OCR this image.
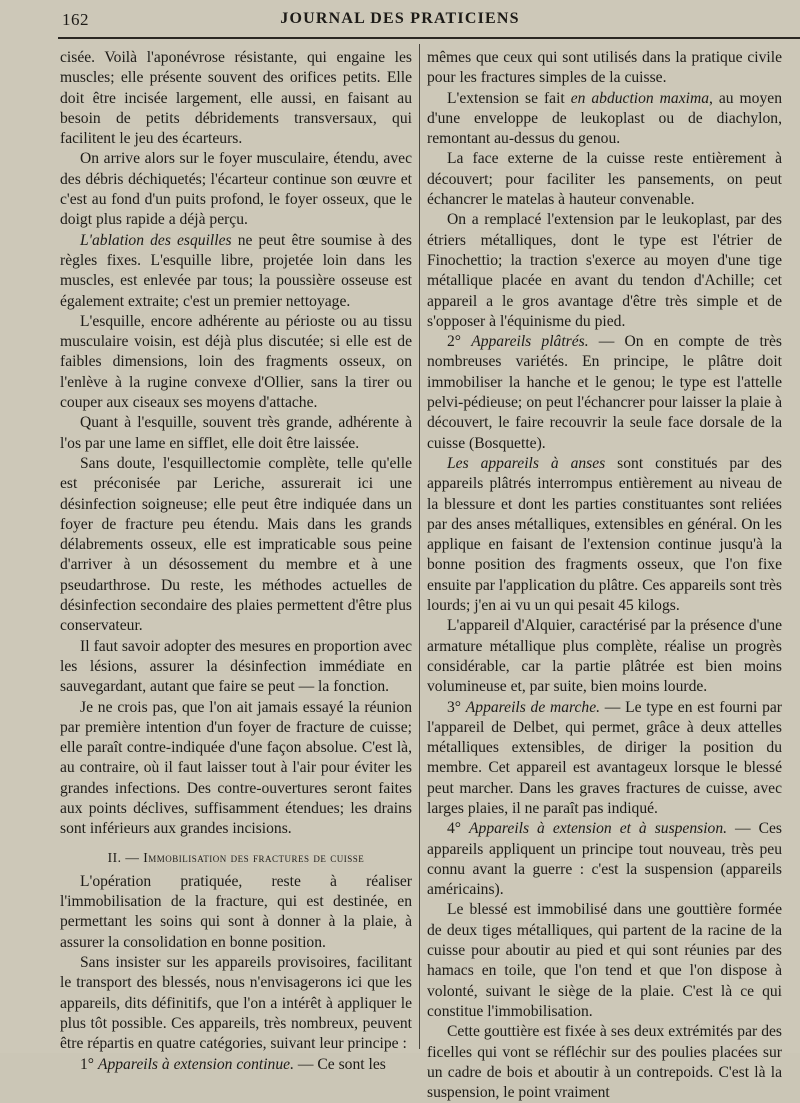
162	JOURNAL DES PRATICIENS

cisée. Voilà l'aponévrose résistante, qui engaine les muscles; elle présente souvent des orifices petits. Elle doit être incisée largement, elle aussi, en faisant au besoin de petits débridements transversaux, qui facilitent le jeu des écarteurs.

On arrive alors sur le foyer musculaire, étendu, avec des débris déchiquetés; l'écarteur continue son œuvre et c'est au fond d'un puits profond, le foyer osseux, que le doigt plus rapide a déjà perçu.

L'ablation des esquilles ne peut être soumise à des règles fixes. L'esquille libre, projetée loin dans les muscles, est enlevée par tous; la poussière osseuse est également extraite; c'est un premier nettoyage.

L'esquille, encore adhérente au périoste ou au tissu musculaire voisin, est déjà plus discutée; si elle est de faibles dimensions, loin des fragments osseux, on l'enlève à la rugine convexe d'Ollier, sans la tirer ou couper aux ciseaux ses moyens d'attache.

Quant à l'esquille, souvent très grande, adhérente à l'os par une lame en sifflet, elle doit être laissée.

Sans doute, l'esquillectomie complète, telle qu'elle est préconisée par Leriche, assurerait ici une désinfection soigneuse; elle peut être indiquée dans un foyer de fracture peu étendu. Mais dans les grands délabrements osseux, elle est impraticable sous peine d'arriver à un désossement du membre et à une pseudarthrose. Du reste, les méthodes actuelles de désinfection secondaire des plaies permettent d'être plus conservateur.

Il faut savoir adopter des mesures en proportion avec les lésions, assurer la désinfection immédiate en sauvegardant, autant que faire se peut — la fonction.

Je ne crois pas, que l'on ait jamais essayé la réunion par première intention d'un foyer de fracture de cuisse; elle paraît contre-indiquée d'une façon absolue. C'est là, au contraire, où il faut laisser tout à l'air pour éviter les grandes infections. Des contre-ouvertures seront faites aux points déclives, suffisamment étendues; les drains sont inférieurs aux grandes incisions.

II. — Immobilisation des fractures de cuisse

L'opération pratiquée, reste à réaliser l'immobilisation de la fracture, qui est destinée, en permettant les soins qui sont à donner à la plaie, à assurer la consolidation en bonne position.

Sans insister sur les appareils provisoires, facilitant le transport des blessés, nous n'envisagerons ici que les appareils, dits définitifs, que l'on a intérêt à appliquer le plus tôt possible. Ces appareils, très nombreux, peuvent être répartis en quatre catégories, suivant leur principe :

1° Appareils à extension continue. — Ce sont les

mêmes que ceux qui sont utilisés dans la pratique civile pour les fractures simples de la cuisse.

L'extension se fait en abduction maxima, au moyen d'une enveloppe de leukoplast ou de diachylon, remontant au-dessus du genou.

La face externe de la cuisse reste entièrement à découvert; pour faciliter les pansements, on peut échancrer le matelas à hauteur convenable.

On a remplacé l'extension par le leukoplast, par des étriers métalliques, dont le type est l'étrier de Finochettio; la traction s'exerce au moyen d'une tige métallique placée en avant du tendon d'Achille; cet appareil a le gros avantage d'être très simple et de s'opposer à l'équinisme du pied.

2° Appareils plâtrés. — On en compte de très nombreuses variétés. En principe, le plâtre doit immobiliser la hanche et le genou; le type est l'attelle pelvi-pédieuse; on peut l'échancrer pour laisser la plaie à découvert, le faire recouvrir la seule face dorsale de la cuisse (Bosquette).

Les appareils à anses sont constitués par des appareils plâtrés interrompus entièrement au niveau de la blessure et dont les parties constituantes sont reliées par des anses métalliques, extensibles en général. On les applique en faisant de l'extension continue jusqu'à la bonne position des fragments osseux, que l'on fixe ensuite par l'application du plâtre. Ces appareils sont très lourds; j'en ai vu un qui pesait 45 kilogs.

L'appareil d'Alquier, caractérisé par la présence d'une armature métallique plus complète, réalise un progrès considérable, car la partie plâtrée est bien moins volumineuse et, par suite, bien moins lourde.

3° Appareils de marche. — Le type en est fourni par l'appareil de Delbet, qui permet, grâce à deux attelles métalliques extensibles, de diriger la position du membre. Cet appareil est avantageux lorsque le blessé peut marcher. Dans les graves fractures de cuisse, avec larges plaies, il ne paraît pas indiqué.

4° Appareils à extension et à suspension. — Ces appareils appliquent un principe tout nouveau, très peu connu avant la guerre : c'est la suspension (appareils américains).

Le blessé est immobilisé dans une gouttière formée de deux tiges métalliques, qui partent de la racine de la cuisse pour aboutir au pied et qui sont réunies par des hamacs en toile, que l'on tend et que l'on dispose à volonté, suivant le siège de la plaie. C'est là ce qui constitue l'immobilisation.

Cette gouttière est fixée à ses deux extrémités par des ficelles qui vont se réfléchir sur des poulies placées sur un cadre de bois et aboutir à un contrepoids. C'est là la suspension, le point vraiment
